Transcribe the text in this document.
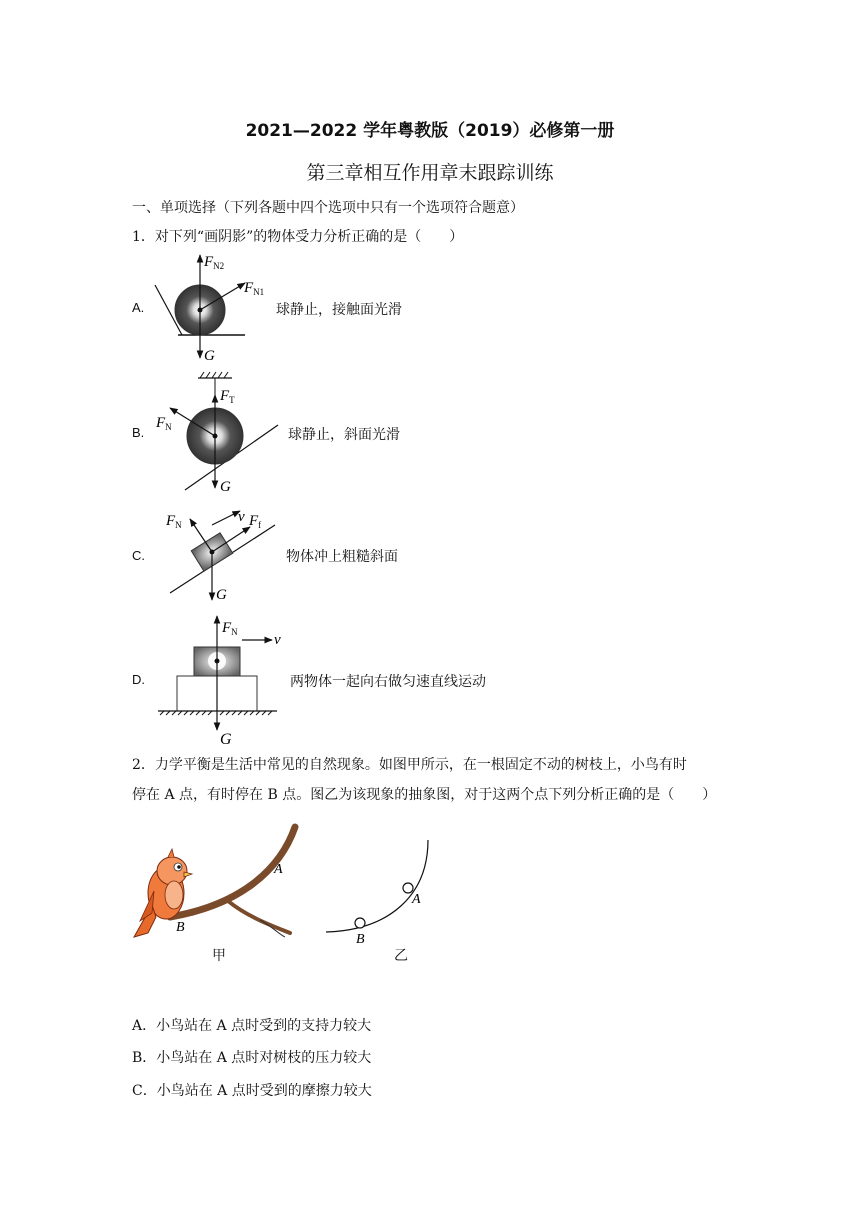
2021—2022 学年粤教版（2019）必修第一册
第三章相互作用章末跟踪训练
一、单项选择（下列各题中四个选项中只有一个选项符合题意）
1．对下列“画阴影”的物体受力分析正确的是（　　）
A.
$F_{N2}$
$F_{N1}$
G
球静止，接触面光滑
B.
$F_T$
$F_N$
G
球静止，斜面光滑
C.
$F_N$	v $F_f$
G
物体冲上粗糙斜面
D.
$F_N$ v
G
两物体一起向右做匀速直线运动
2．力学平衡是生活中常见的自然现象。如图甲所示，在一根固定不动的树枝上，小鸟有时
停在 A 点，有时停在 B 点。图乙为该现象的抽象图，对于这两个点下列分析正确的是（　　）
A
B
甲
A
B
乙
A．小鸟站在 A 点时受到的支持力较大
B．小鸟站在 A 点时对树枝的压力较大
C．小鸟站在 A 点时受到的摩擦力较大
